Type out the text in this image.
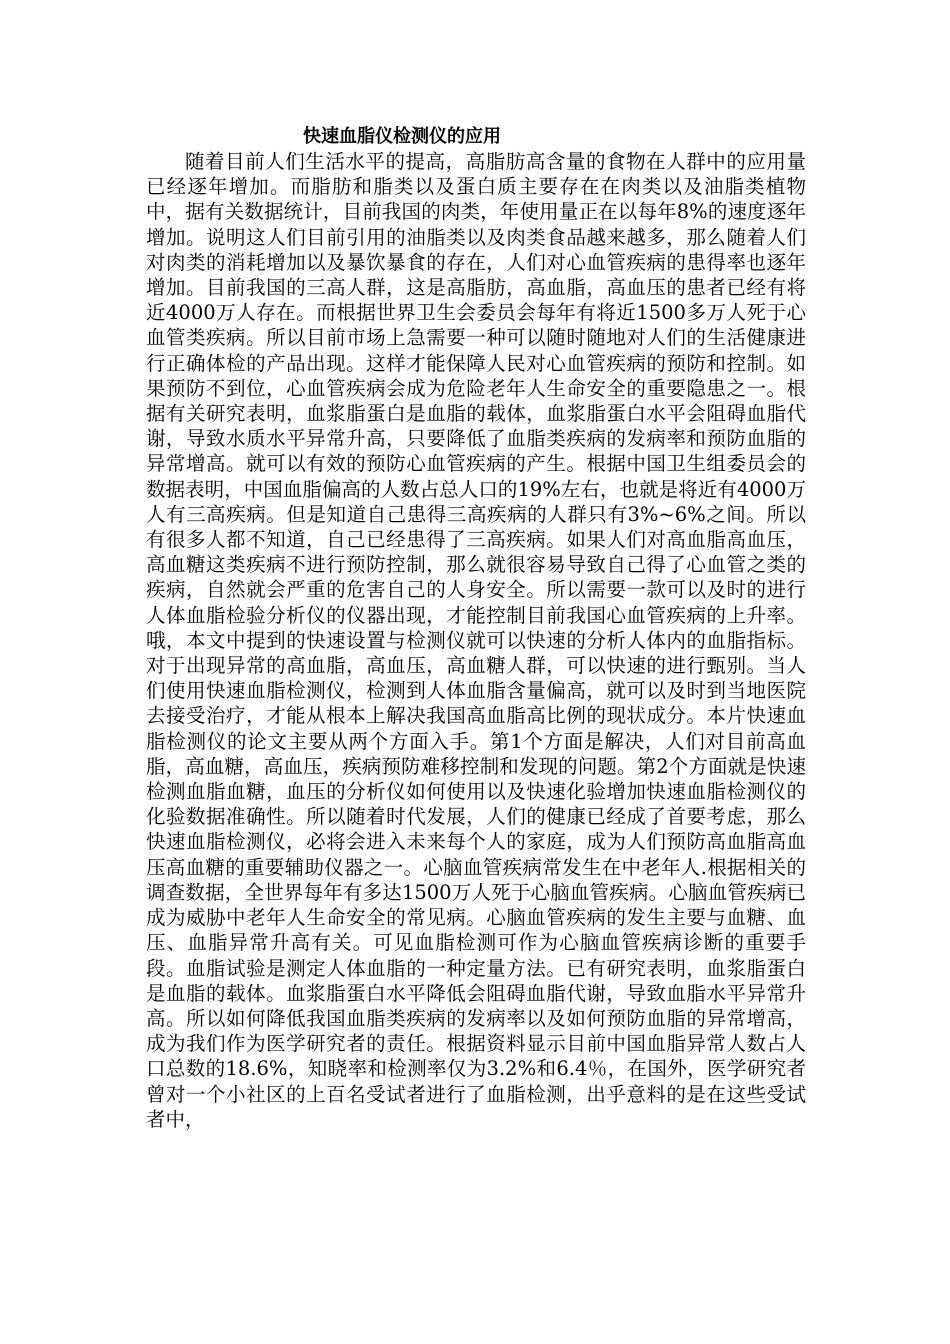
快速血脂仪检测仪的应用

随着目前人们生活水平的提高，高脂肪高含量的食物在人群中的应用量已经逐年增加。而脂肪和脂类以及蛋白质主要存在在肉类以及油脂类植物中，据有关数据统计，目前我国的肉类，年使用量正在以每年8%的速度逐年增加。说明这人们目前引用的油脂类以及肉类食品越来越多，那么随着人们对肉类的消耗增加以及暴饮暴食的存在，人们对心血管疾病的患得率也逐年增加。目前我国的三高人群，这是高脂肪，高血脂，高血压的患者已经有将近4000万人存在。而根据世界卫生会委员会每年有将近1500多万人死于心血管类疾病。所以目前市场上急需要一种可以随时随地对人们的生活健康进行正确体检的产品出现。这样才能保障人民对心血管疾病的预防和控制。如果预防不到位，心血管疾病会成为危险老年人生命安全的重要隐患之一。根据有关研究表明，血浆脂蛋白是血脂的载体，血浆脂蛋白水平会阻碍血脂代谢，导致水质水平异常升高，只要降低了血脂类疾病的发病率和预防血脂的异常增高。就可以有效的预防心血管疾病的产生。根据中国卫生组委员会的数据表明，中国血脂偏高的人数占总人口的19%左右，也就是将近有4000万人有三高疾病。但是知道自己患得三高疾病的人群只有3%~6%之间。所以有很多人都不知道，自己已经患得了三高疾病。如果人们对高血脂高血压，高血糖这类疾病不进行预防控制，那么就很容易导致自己得了心血管之类的疾病，自然就会严重的危害自己的人身安全。所以需要一款可以及时的进行人体血脂检验分析仪的仪器出现，才能控制目前我国心血管疾病的上升率。哦，本文中提到的快速设置与检测仪就可以快速的分析人体内的血脂指标。对于出现异常的高血脂，高血压，高血糖人群，可以快速的进行甄别。当人们使用快速血脂检测仪，检测到人体血脂含量偏高，就可以及时到当地医院去接受治疗，才能从根本上解决我国高血脂高比例的现状成分。本片快速血脂检测仪的论文主要从两个方面入手。第1个方面是解决，人们对目前高血脂，高血糖，高血压，疾病预防难移控制和发现的问题。第2个方面就是快速检测血脂血糖，血压的分析仪如何使用以及快速化验增加快速血脂检测仪的化验数据准确性。所以随着时代发展，人们的健康已经成了首要考虑，那么快速血脂检测仪，必将会进入未来每个人的家庭，成为人们预防高血脂高血压高血糖的重要辅助仪器之一。心脑血管疾病常发生在中老年人.根据相关的调查数据，全世界每年有多达1500万人死于心脑血管疾病。心脑血管疾病已成为威胁中老年人生命安全的常见病。心脑血管疾病的发生主要与血糖、血压、血脂异常升高有关。可见血脂检测可作为心脑血管疾病诊断的重要手段。血脂试验是测定人体血脂的一种定量方法。已有研究表明，血浆脂蛋白是血脂的载体。血浆脂蛋白水平降低会阻碍血脂代谢，导致血脂水平异常升高。所以如何降低我国血脂类疾病的发病率以及如何预防血脂的异常增高，成为我们作为医学研究者的责任。根据资料显示目前中国血脂异常人数占人口总数的18.6%，知晓率和检测率仅为3.2%和6.4％，在国外，医学研究者曾对一个小社区的上百名受试者进行了血脂检测，出乎意料的是在这些受试者中，
